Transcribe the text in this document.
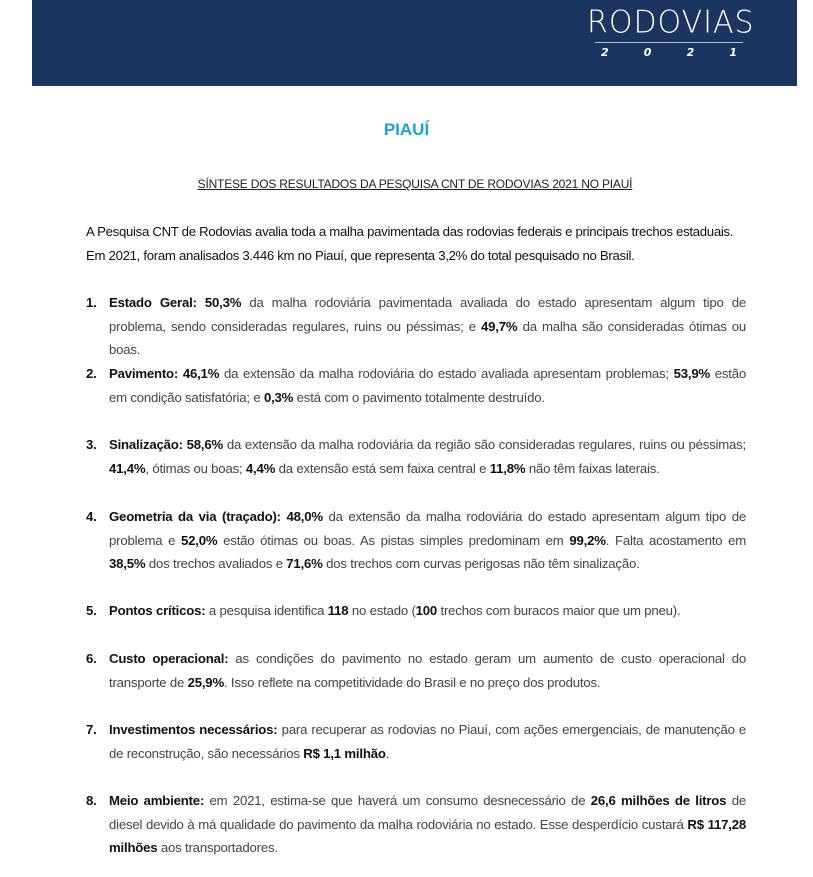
RODOVIAS
2	0	2	1
PIAUÍ
SÍNTESE DOS RESULTADOS DA PESQUISA CNT DE RODOVIAS 2021 NO PIAUÍ
A Pesquisa CNT de Rodovias avalia toda a malha pavimentada das rodovias federais e principais trechos estaduais. Em 2021, foram analisados 3.446 km no Piauí, que representa 3,2% do total pesquisado no Brasil.
1. Estado Geral: 50,3% da malha rodoviária pavimentada avaliada do estado apresentam algum tipo de problema, sendo consideradas regulares, ruins ou péssimas; e 49,7% da malha são consideradas ótimas ou boas.
2. Pavimento: 46,1% da extensão da malha rodoviária do estado avaliada apresentam problemas; 53,9% estão em condição satisfatória; e 0,3% está com o pavimento totalmente destruído.
3. Sinalização: 58,6% da extensão da malha rodoviária da região são consideradas regulares, ruins ou péssimas; 41,4%, ótimas ou boas; 4,4% da extensão está sem faixa central e 11,8% não têm faixas laterais.
4. Geometria da via (traçado): 48,0% da extensão da malha rodoviária do estado apresentam algum tipo de problema e 52,0% estão ótimas ou boas. As pistas simples predominam em 99,2%. Falta acostamento em 38,5% dos trechos avaliados e 71,6% dos trechos com curvas perigosas não têm sinalização.
5. Pontos críticos: a pesquisa identifica 118 no estado (100 trechos com buracos maior que um pneu).
6. Custo operacional: as condições do pavimento no estado geram um aumento de custo operacional do transporte de 25,9%. Isso reflete na competitividade do Brasil e no preço dos produtos.
7. Investimentos necessários: para recuperar as rodovias no Piauí, com ações emergenciais, de manutenção e de reconstrução, são necessários R$ 1,1 milhão.
8. Meio ambiente: em 2021, estima-se que haverá um consumo desnecessário de 26,6 milhões de litros de diesel devido à má qualidade do pavimento da malha rodoviária no estado. Esse desperdício custará R$ 117,28 milhões aos transportadores.
